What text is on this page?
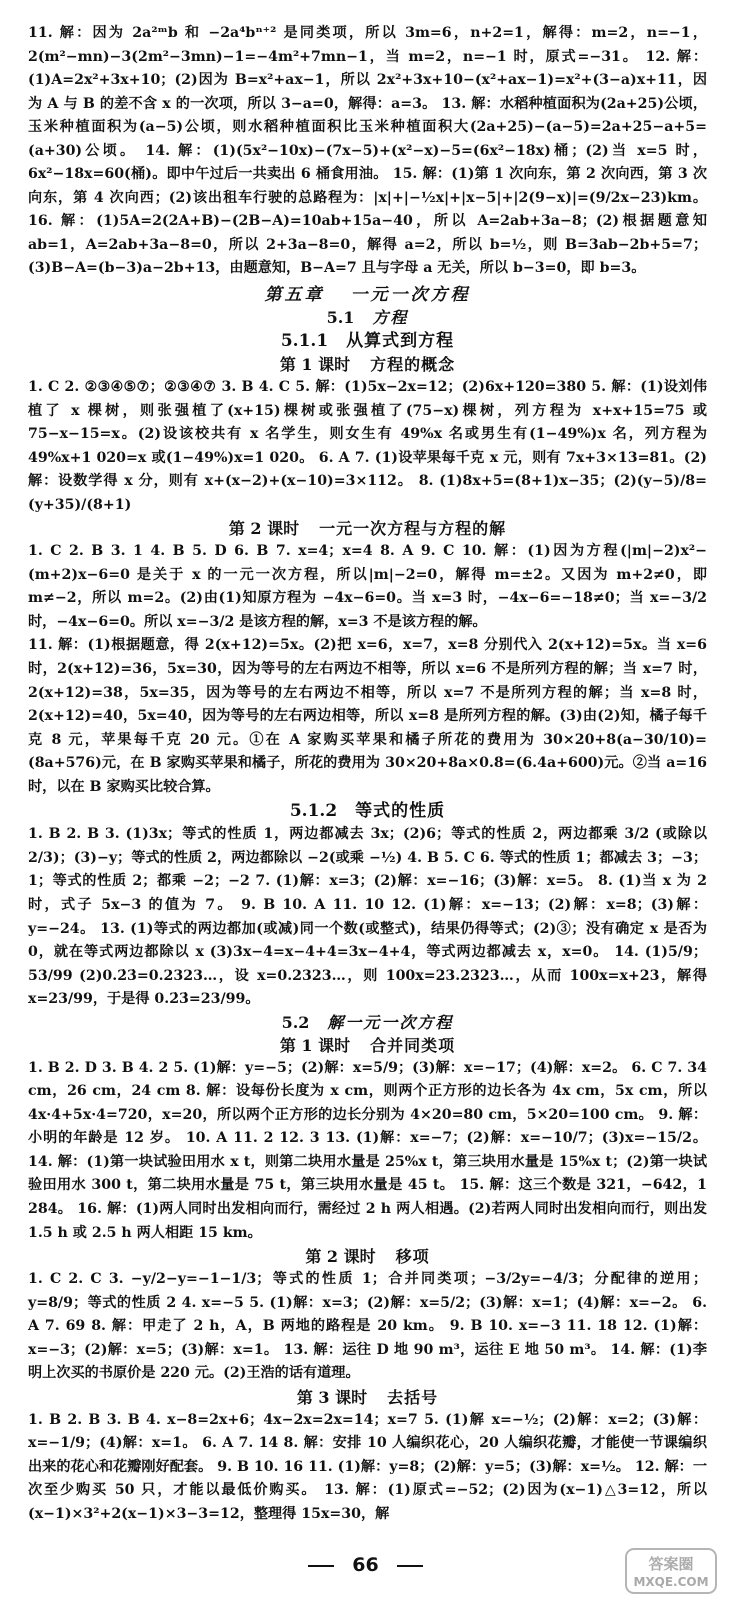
11. 解：因为 2a²ᵐb 和 −2a⁴bⁿ⁺² 是同类项，所以 3m=6，n+2=1，解得：m=2，n=−1，2(m²−mn)−3(2m²−3mn)−1=−4m²+7mn−1，当 m=2，n=−1 时，原式=−31。 12. 解：(1)A=2x²+3x+10；(2)因为 B=x²+ax−1，所以 2x²+3x+10−(x²+ax−1)=x²+(3−a)x+11，因为 A 与 B 的差不含 x 的一次项，所以 3−a=0，解得：a=3。 13. 解：水稻种植面积为(2a+25)公顷，玉米种植面积为(a−5)公顷，则水稻种植面积比玉米种植面积大(2a+25)−(a−5)=2a+25−a+5=(a+30)公顷。 14. 解：(1)(5x²−10x)−(7x−5)+(x²−x)−5=(6x²−18x)桶；(2)当 x=5 时，6x²−18x=60(桶)。即中午过后一共卖出 6 桶食用油。 15. 解：(1)第 1 次向东，第 2 次向西，第 3 次向东，第 4 次向西；(2)该出租车行驶的总路程为：|x|+|−½x|+|x−5|+|2(9−x)|=(9/2x−23)km。 16. 解：(1)5A=2(2A+B)−(2B−A)=10ab+15a−40，所以 A=2ab+3a−8；(2)根据题意知 ab=1，A=2ab+3a−8=0，所以 2+3a−8=0，解得 a=2，所以 b=½，则 B=3ab−2b+5=7；(3)B−A=(b−3)a−2b+13，由题意知，B−A=7 且与字母 a 无关，所以 b−3=0，即 b=3。

第五章 一元一次方程
5.1 方程
5.1.1 从算式到方程
第 1 课时 方程的概念

1. C 2. ②③④⑤⑦；②③④⑦ 3. B 4. C 5. 解：(1)5x−2x=12；(2)6x+120=380 5. 解：(1)设刘伟植了 x 棵树，则张强植了(x+15)棵树或张强植了(75−x)棵树，列方程为 x+x+15=75 或 75−x−15=x。(2)设该校共有 x 名学生，则女生有 49%x 名或男生有(1−49%)x 名，列方程为 49%x+1 020=x 或(1−49%)x=1 020。 6. A 7. (1)设苹果每千克 x 元，则有 7x+3×13=81。(2)解：设数学得 x 分，则有 x+(x−2)+(x−10)=3×112。 8. (1)8x+5=(8+1)x−35；(2)(y−5)/8=(y+35)/(8+1)

第 2 课时 一元一次方程与方程的解

1. C 2. B 3. 1 4. B 5. D 6. B 7. x=4；x=4 8. A 9. C 10. 解：(1)因为方程(|m|−2)x²−(m+2)x−6=0 是关于 x 的一元一次方程，所以|m|−2=0，解得 m=±2。又因为 m+2≠0，即 m≠−2，所以 m=2。(2)由(1)知原方程为 −4x−6=0。当 x=3 时，−4x−6=−18≠0；当 x=−3/2 时，−4x−6=0。所以 x=−3/2 是该方程的解，x=3 不是该方程的解。

11. 解：(1)根据题意，得 2(x+12)=5x。(2)把 x=6，x=7，x=8 分别代入 2(x+12)=5x。当 x=6 时，2(x+12)=36，5x=30，因为等号的左右两边不相等，所以 x=6 不是所列方程的解；当 x=7 时，2(x+12)=38，5x=35，因为等号的左右两边不相等，所以 x=7 不是所列方程的解；当 x=8 时，2(x+12)=40，5x=40，因为等号的左右两边相等，所以 x=8 是所列方程的解。(3)由(2)知，橘子每千克 8 元，苹果每千克 20 元。①在 A 家购买苹果和橘子所花的费用为 30×20+8(a−30/10)=(8a+576)元，在 B 家购买苹果和橘子，所花的费用为 30×20+8a×0.8=(6.4a+600)元。②当 a=16 时，以在 B 家购买比较合算。

5.1.2 等式的性质

1. B 2. B 3. (1)3x；等式的性质 1，两边都减去 3x；(2)6；等式的性质 2，两边都乘 3/2 (或除以 2/3)；(3)−y；等式的性质 2，两边都除以 −2(或乘 −½) 4. B 5. C 6. 等式的性质 1；都减去 3；−3；1；等式的性质 2；都乘 −2；−2 7. (1)解：x=3；(2)解：x=−16；(3)解：x=5。 8. (1)当 x 为 2 时，式子 5x−3 的值为 7。 9. B 10. A 11. 10 12. (1)解：x=−13；(2)解：x=8；(3)解：y=−24。 13. (1)等式的两边都加(或减)同一个数(或整式)，结果仍得等式；(2)③；没有确定 x 是否为 0，就在等式两边都除以 x (3)3x−4=x−4+4=3x−4+4，等式两边都减去 x，x=0。 14. (1)5/9；53/99 (2)0.2̇3̇=0.2323…，设 x=0.2323…，则 100x=23.2323…，从而 100x=x+23，解得 x=23/99，于是得 0.2̇3̇=23/99。

5.2 解一元一次方程
第 1 课时 合并同类项

1. B 2. D 3. B 4. 2 5. (1)解：y=−5；(2)解：x=5/9；(3)解：x=−17；(4)解：x=2。 6. C 7. 34 cm，26 cm，24 cm 8. 解：设每份长度为 x cm，则两个正方形的边长各为 4x cm，5x cm，所以 4x·4+5x·4=720，x=20，所以两个正方形的边长分别为 4×20=80 cm，5×20=100 cm。 9. 解：小明的年龄是 12 岁。 10. A 11. 2 12. 3 13. (1)解：x=−7；(2)解：x=−10/7；(3)x=−15/2。 14. 解：(1)第一块试验田用水 x t，则第二块用水量是 25%x t，第三块用水量是 15%x t；(2)第一块试验田用水 300 t，第二块用水量是 75 t，第三块用水量是 45 t。 15. 解：这三个数是 321，−642，1 284。 16. 解：(1)两人同时出发相向而行，需经过 2 h 两人相遇。(2)若两人同时出发相向而行，则出发 1.5 h 或 2.5 h 两人相距 15 km。

第 2 课时 移项

1. C 2. C 3. −y/2−y=−1−1/3；等式的性质 1；合并同类项；−3/2y=−4/3；分配律的逆用；y=8/9；等式的性质 2 4. x=−5 5. (1)解：x=3；(2)解：x=5/2；(3)解：x=1；(4)解：x=−2。 6. A 7. 69 8. 解：甲走了 2 h，A，B 两地的路程是 20 km。 9. B 10. x=−3 11. 18 12. (1)解：x=−3；(2)解：x=5；(3)解：x=1。 13. 解：运往 D 地 90 m³，运往 E 地 50 m³。 14. 解：(1)李明上次买的书原价是 220 元。(2)王浩的话有道理。

第 3 课时 去括号

1. B 2. B 3. B 4. x−8=2x+6；4x−2x=2x=14；x=7 5. (1)解 x=−½；(2)解：x=2；(3)解：x=−1/9；(4)解：x=1。 6. A 7. 14 8. 解：安排 10 人编织花心，20 人编织花瓣，才能使一节课编织出来的花心和花瓣刚好配套。 9. B 10. 16 11. (1)解：y=8；(2)解：y=5；(3)解：x=½。 12. 解：一次至少购买 50 只，才能以最低价购买。 13. 解：(1)原式=−52；(2)因为(x−1)△3=12，所以(x−1)×3²+2(x−1)×3−3=12，整理得 15x=30，解

66	答案圈
MXQE.COM
